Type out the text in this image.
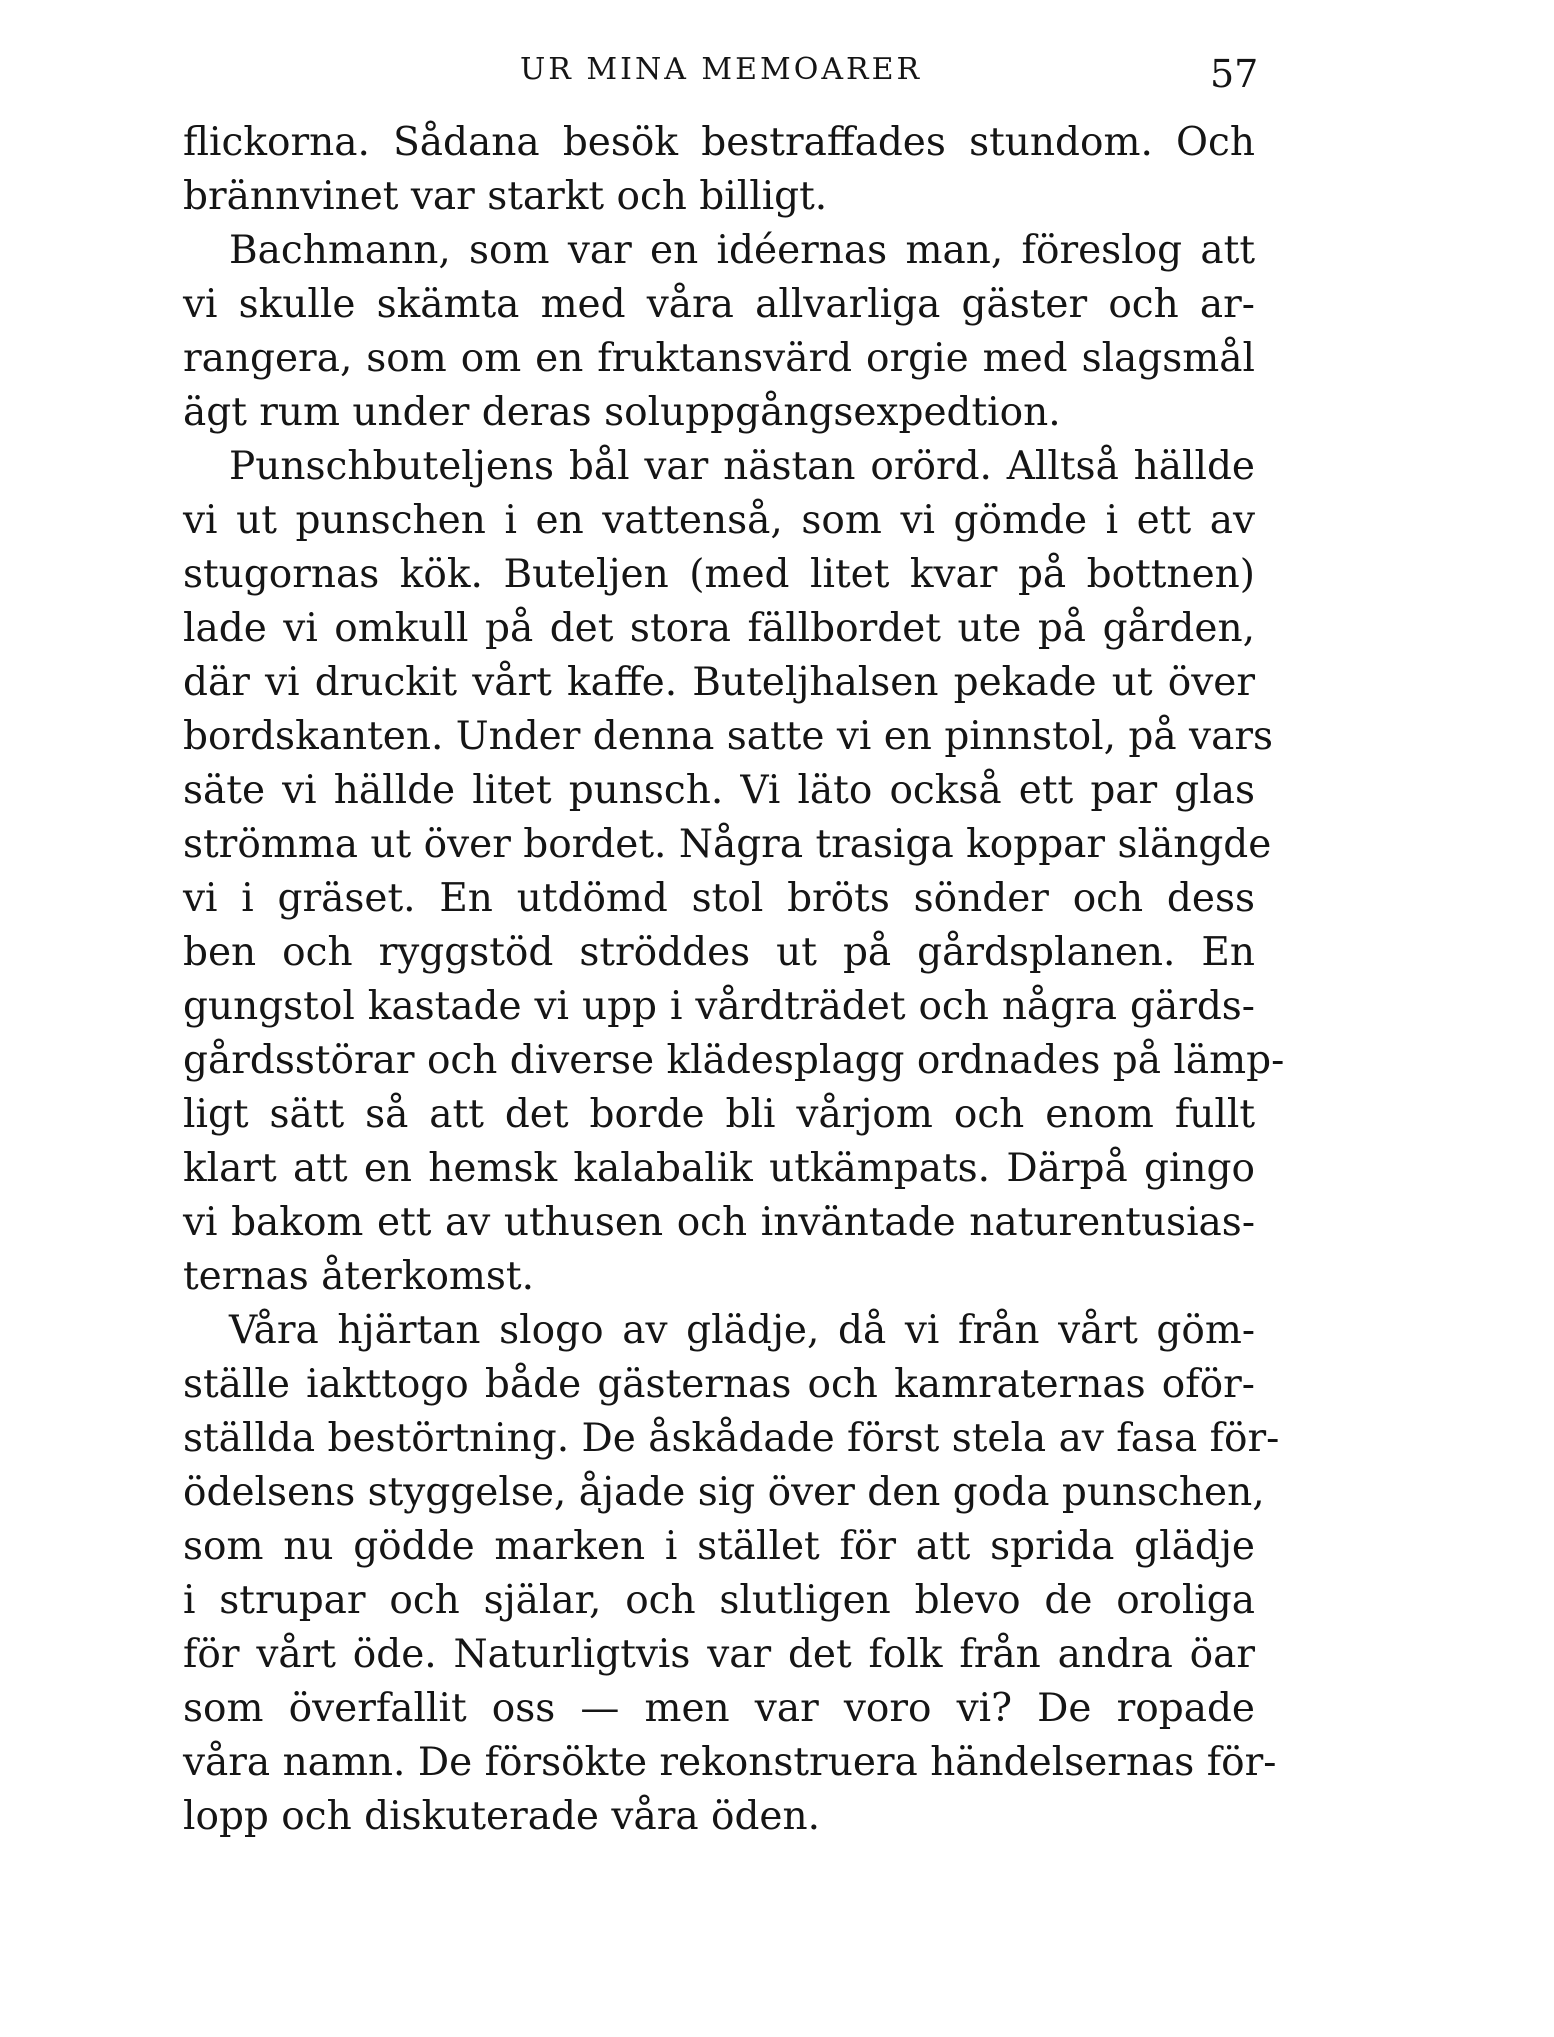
UR MINA MEMOARER	57
flickorna. Sådana besök bestraffades stundom. Och
brännvinet var starkt och billigt.
Bachmann, som var en idéernas man, föreslog att
vi skulle skämta med våra allvarliga gäster och ar-
rangera, som om en fruktansvärd orgie med slagsmål
ägt rum under deras soluppgångsexpedtion.
Punschbuteljens bål var nästan orörd. Alltså hällde
vi ut punschen i en vattenså, som vi gömde i ett av
stugornas kök. Buteljen (med litet kvar på bottnen)
lade vi omkull på det stora fällbordet ute på gården,
där vi druckit vårt kaffe. Buteljhalsen pekade ut över
bordskanten. Under denna satte vi en pinnstol, på vars
säte vi hällde litet punsch. Vi läto också ett par glas
strömma ut över bordet. Några trasiga koppar slängde
vi i gräset. En utdömd stol bröts sönder och dess
ben och ryggstöd ströddes ut på gårdsplanen. En
gungstol kastade vi upp i vårdträdet och några gärds-
gårdsstörar och diverse klädesplagg ordnades på lämp-
ligt sätt så att det borde bli vårjom och enom fullt
klart att en hemsk kalabalik utkämpats. Därpå gingo
vi bakom ett av uthusen och inväntade naturentusias-
ternas återkomst.
Våra hjärtan slogo av glädje, då vi från vårt göm-
ställe iakttogo både gästernas och kamraternas oför-
ställda bestörtning. De åskådade först stela av fasa för-
ödelsens styggelse, åjade sig över den goda punschen,
som nu gödde marken i stället för att sprida glädje
i strupar och själar, och slutligen blevo de oroliga
för vårt öde. Naturligtvis var det folk från andra öar
som överfallit oss — men var voro vi? De ropade
våra namn. De försökte rekonstruera händelsernas för-
lopp och diskuterade våra öden.
